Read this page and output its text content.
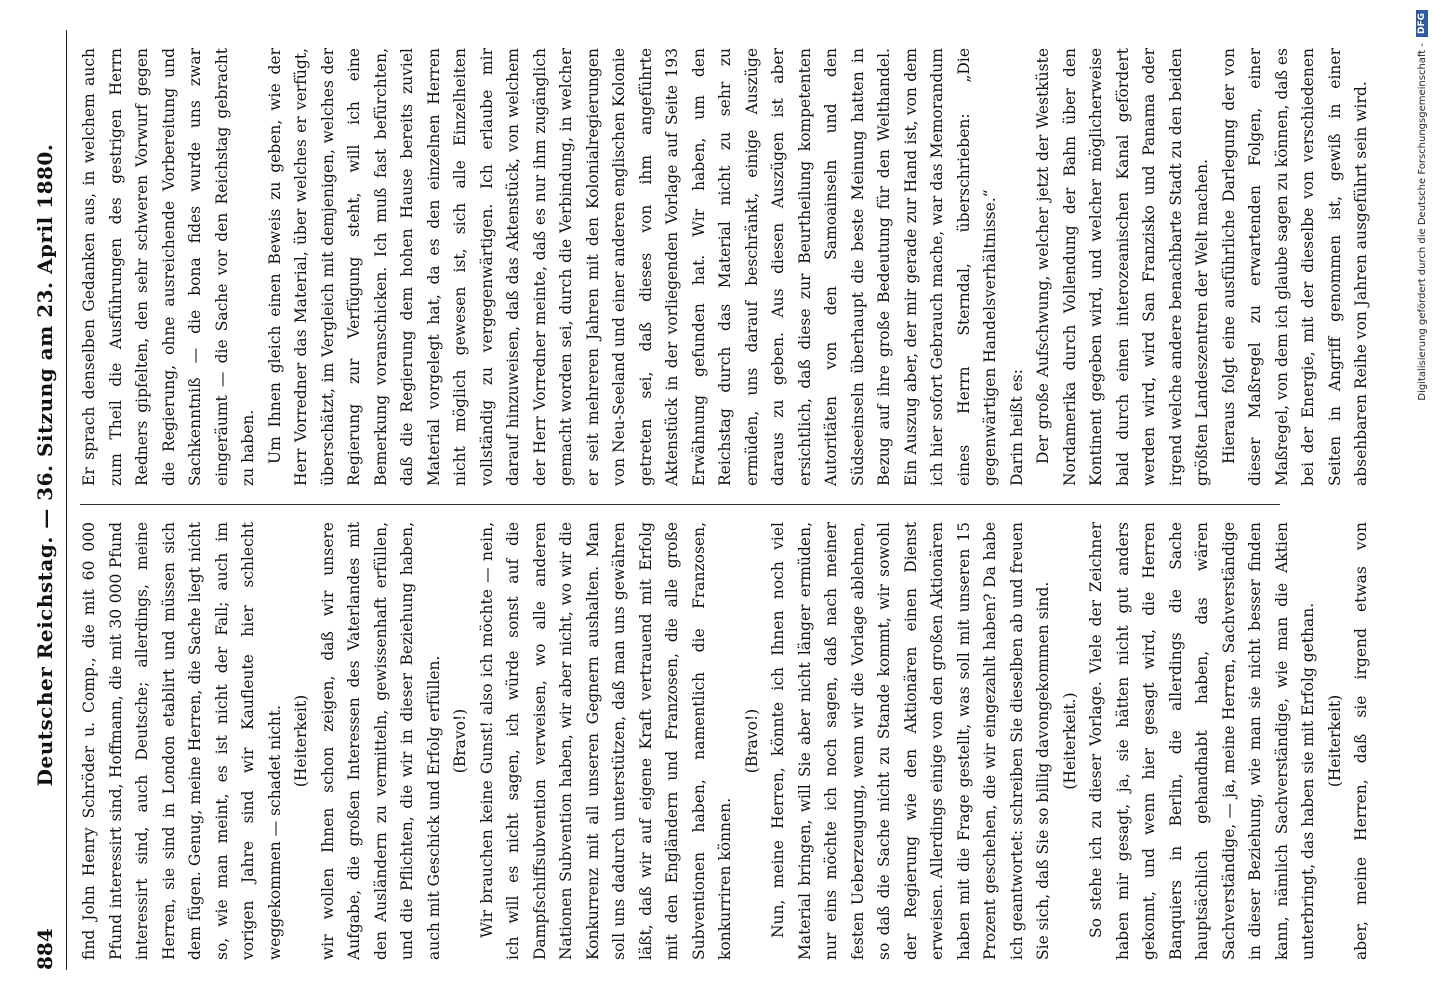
884
Deutscher Reichstag. — 36. Sitzung am 23. April 1880. find John Henry Schröder u. Comp., die mit 60 000 Pfund interessirt sind, Hoffmann, die mit 30 000 Pfund interessirt sind, auch Deutsche; allerdings, meine Herren, sie sind in London etablirt und müssen sich dem fügen. Genug, meine Herren, die Sache liegt nicht so, wie man meint, es ist nicht der Fall; auch im vorigen Jahre sind wir Kaufleute hier schlecht weggekommen — schadet nicht. (Heiterkeit) wir wollen Ihnen schon zeigen, daß wir unsere Aufgabe, die großen Interessen des Vaterlandes mit den Ausländern zu vermitteln, gewissenhaft erfüllen, und die Pflichten, die wir in dieser Beziehung haben, auch mit Geschick und Erfolg erfüllen. (Bravo!) Wir brauchen keine Gunst! also ich möchte — nein, ich will es nicht sagen, ich würde sonst auf die Dampfschiffsubvention verweisen, wo alle anderen Nationen Subvention haben, wir aber nicht, wo wir die Konkurrenz mit all unseren Gegnern aushalten. Man soll uns dadurch unterstützen, daß man uns gewähren läßt, daß wir auf eigene Kraft vertrauend mit Erfolg mit den Engländern und Franzosen, die alle große Subventionen haben, namentlich die Franzosen, konkurriren können.

(Bravo!) Nun, meine Herren, könnte ich Ihnen noch viel Material bringen, will Sie aber nicht länger ermüden, nur eins möchte ich noch sagen, daß nach meiner festen Ueberzeugung, wenn wir die Vorlage ablehnen, so daß die Sache nicht zu Stande kommt, wir sowohl der Regierung wie den Aktionären einen Dienst erweisen. Allerdings einige von den großen Aktionären haben mit die Frage gestellt, was soll mit unseren 15 Prozent geschehen, die wir eingezahlt haben? Da habe ich geantwortet: schreiben Sie dieselben ab und freuen Sie sich, daß Sie so billig davongekommen sind. (Heiterkeit.) So stehe ich zu dieser Vorlage. Viele der Zeichner haben mir gesagt, ja, sie hätten nicht gut anders gekonnt, und wenn hier gesagt wird, die Herren Banquiers in Berlin, die allerdings die Sache hauptsächlich gehandhabt haben, das wären Sachverständige, — ja, meine Herren, Sachverständige in dieser Beziehung, wie man sie nicht besser finden kann, nämlich Sachverständige, wie man die Aktien unterbringt, das haben sie mit Erfolg gethan. (Heiterkeit)

aber, meine Herren, daß sie irgend etwas von

Er sprach denselben Gedanken aus, in welchem auch zum Theil die Ausführungen des gestrigen Herrn Redners gipfelten, den sehr schweren Vorwurf gegen die Regierung, ohne ausreichende Vorbereitung und Sachkenntniß — die bona fides wurde uns zwar eingeräumt — die Sache vor den Reichstag gebracht zu haben. Um Ihnen gleich einen Beweis zu geben, wie der Herr Vorredner das Material, über welches er verfügt, überschätzt, im Vergleich mit demjenigen, welches der Regierung zur Verfügung steht, will ich eine Bemerkung voranschicken. Ich muß fast befürchten, daß die Regierung dem hohen Hause bereits zuviel Material vorgelegt hat, da es den einzelnen Herren nicht möglich gewesen ist, sich alle Einzelheiten vollständig zu vergegenwärtigen. Ich erlaube mir darauf hinzuweisen, daß das Aktenstück, von welchem der Herr Vorredner meinte, daß es nur ihm zugänglich gemacht worden sei, durch die Verbindung, in welcher er seit mehreren Jahren mit den Kolonialregierungen von Neu-Seeland und einer anderen englischen Kolonie getreten sei, daß dieses von ihm angeführte Aktenstück in der vorliegenden Vorlage auf Seite 193 Erwähnung gefunden hat. Wir haben, um den Reichstag durch das Material nicht zu sehr zu ermüden, uns darauf beschränkt, einige Auszüge daraus zu geben. Aus diesen Auszügen ist aber ersichtlich, daß diese zur Beurtheilung kompetenten Autoritäten von den Samoainseln und den Südseeinseln überhaupt die beste Meinung hatten in Bezug auf ihre große Bedeutung für den Welthandel. Ein Auszug aber, der mir gerade zur Hand ist, von dem ich hier sofort Gebrauch mache, war das Memorandum eines Herrn Sterndal, überschrieben: „Die gegenwärtigen Handelsverhältnisse.“ Darin heißt es: Der große Aufschwung, welcher jetzt der Westküste Nordamerika durch Vollendung der Bahn über den Kontinent gegeben wird, und welcher möglicherweise bald durch einen interozeanischen Kanal gefördert werden wird, wird San Franzisko und Panama oder irgend welche andere benachbarte Stadt zu den beiden größten Landeszentren der Welt machen. Hieraus folgt eine ausführliche Darlegung der von dieser Maßregel zu erwartenden Folgen, einer Maßregel, von dem ich glaube sagen zu können, daß es bei der Energie, mit der dieselbe von verschiedenen Seiten in Angriff genommen ist, gewiß in einer absehbaren Reihe von Jahren ausgeführt sein wird.	Digitalisierung gefördert durch die Deutsche Forschungsgemeinschaft -
DFG
